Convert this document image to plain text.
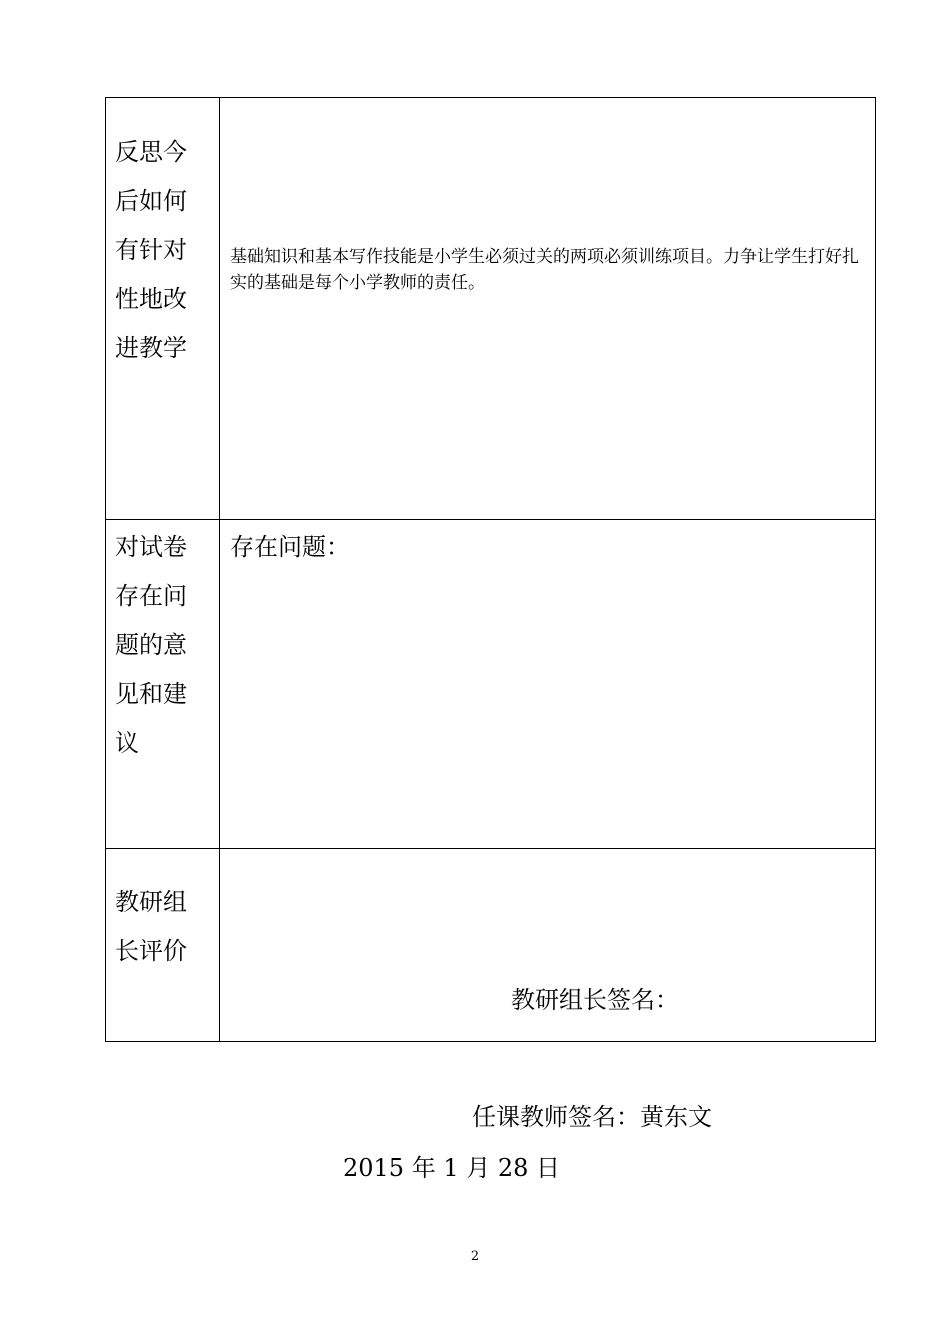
反思今后如何有针对性地改进教学	基础知识和基本写作技能是小学生必须过关的两项必须训练项目。力争让学生打好扎实的基础是每个小学教师的责任。

对试卷存在问题的意见和建议	存在问题：

教研组长评价	教研组长签名：
任课教师签名：黄东文
2015 年 1 月 28 日
2
